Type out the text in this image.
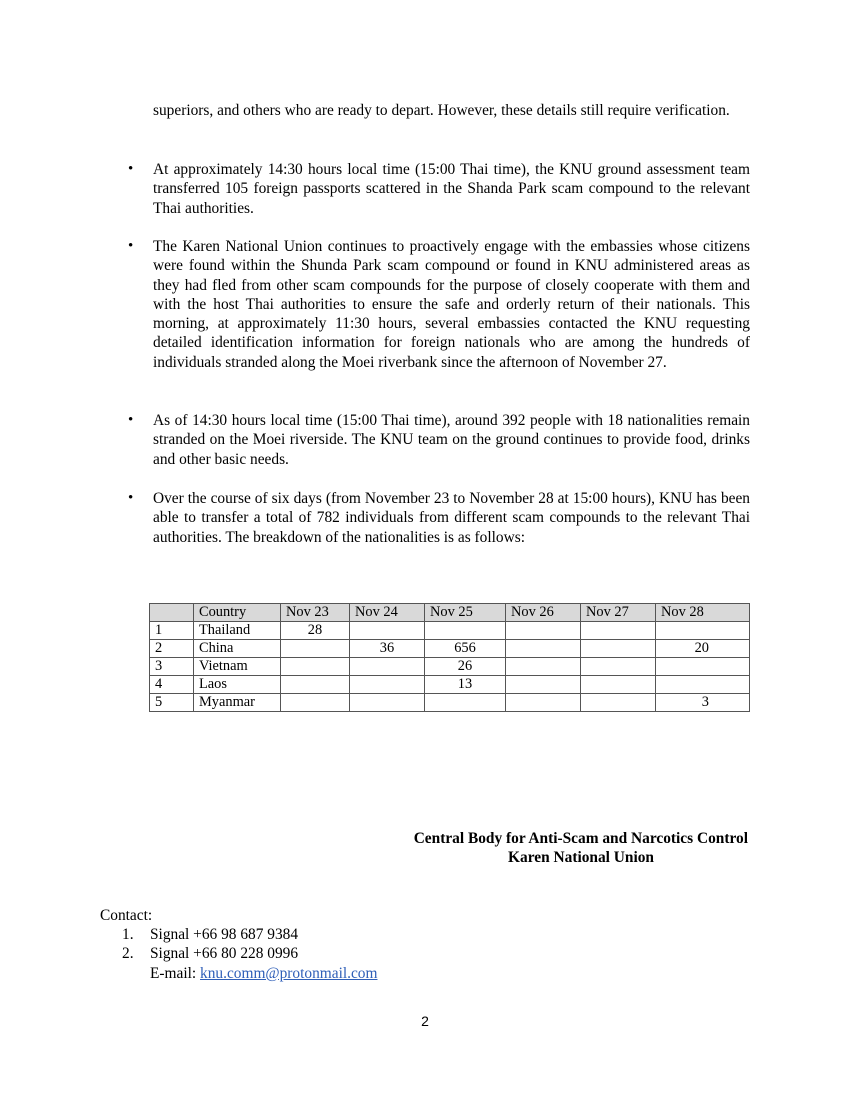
superiors, and others who are ready to depart. However, these details still require verification.

• At approximately 14:30 hours local time (15:00 Thai time), the KNU ground assessment team transferred 105 foreign passports scattered in the Shanda Park scam compound to the relevant Thai authorities.

• The Karen National Union continues to proactively engage with the embassies whose citizens were found within the Shunda Park scam compound or found in KNU administered areas as they had fled from other scam compounds for the purpose of closely cooperate with them and with the host Thai authorities to ensure the safe and orderly return of their nationals. This morning, at approximately 11:30 hours, several embassies contacted the KNU requesting detailed identification information for foreign nationals who are among the hundreds of individuals stranded along the Moei riverbank since the afternoon of November 27.

• As of 14:30 hours local time (15:00 Thai time), around 392 people with 18 nationalities remain stranded on the Moei riverside. The KNU team on the ground continues to provide food, drinks and other basic needs.

• Over the course of six days (from November 23 to November 28 at 15:00 hours), KNU has been able to transfer a total of 782 individuals from different scam compounds to the relevant Thai authorities. The breakdown of the nationalities is as follows:

	Country	Nov 23	Nov 24	Nov 25	Nov 26	Nov 27	Nov 28
1	Thailand	28					
2	China		36	656			20
3	Vietnam			26			
4	Laos			13			
5	Myanmar						3
Central Body for Anti-Scam and Narcotics Control
Karen National Union
Contact:
1. Signal +66 98 687 9384
2. Signal +66 80 228 0996
E-mail: knu.comm@protonmail.com
2
